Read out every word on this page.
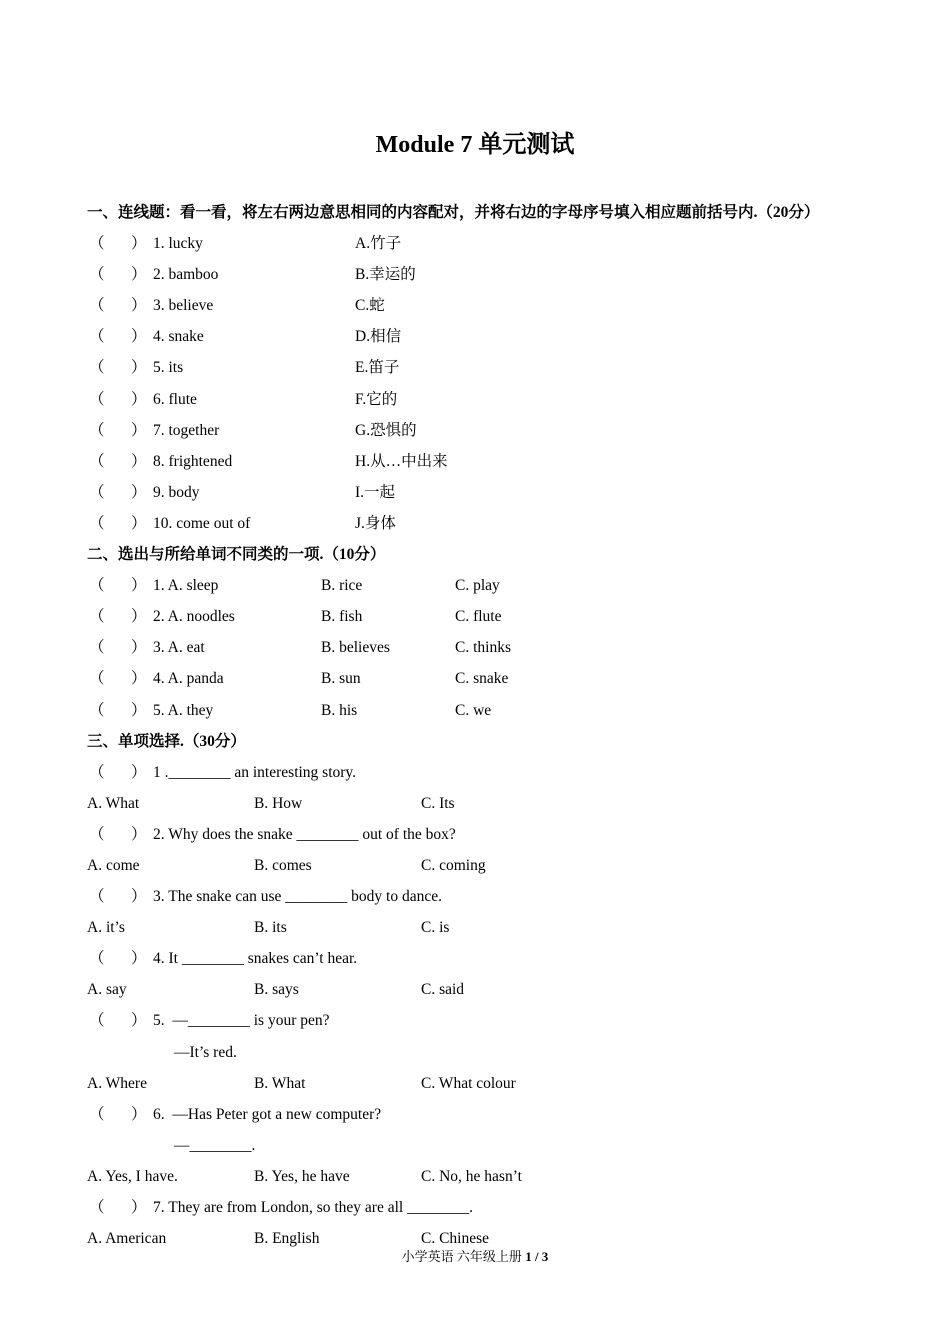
Module 7 单元测试
一、连线题：看一看，将左右两边意思相同的内容配对，并将右边的字母序号填入相应题前括号内.（20分）
（ ） 1. lucky	A.竹子
（ ） 2. bamboo	B.幸运的
（ ） 3. believe	C.蛇
（ ） 4. snake	D.相信
（ ） 5. its	E.笛子
（ ） 6. flute	F.它的
（ ） 7. together	G.恐惧的
（ ） 8. frightened	H.从…中出来
（ ） 9. body	I.一起
（ ） 10. come out of	J.身体
二、选出与所给单词不同类的一项.（10分）
（ ） 1. A. sleep	B. rice	C. play
（ ） 2. A. noodles	B. fish	C. flute
（ ） 3. A. eat	B. believes	C. thinks
（ ） 4. A. panda	B. sun	C. snake
（ ） 5. A. they	B. his	C. we
三、单项选择.（30分）
（ ） 1 .________ an interesting story.
A. What	B. How	C. Its
（ ） 2. Why does the snake ________ out of the box?
A. come	B. comes	C. coming
（ ） 3. The snake can use ________ body to dance.
A. it’s	B. its	C. is
（ ） 4. It ________ snakes can’t hear.
A. say	B. says	C. said
（ ） 5.  —________ is your pen?
—It’s red.
A. Where	B. What	C. What colour
（ ） 6.  —Has Peter got a new computer?
—________.
A. Yes, I have.	B. Yes, he have	C. No, he hasn’t
（ ） 7. They are from London, so they are all ________.
A. American	B. English	C. Chinese
小学英语 六年级上册 1 / 3
